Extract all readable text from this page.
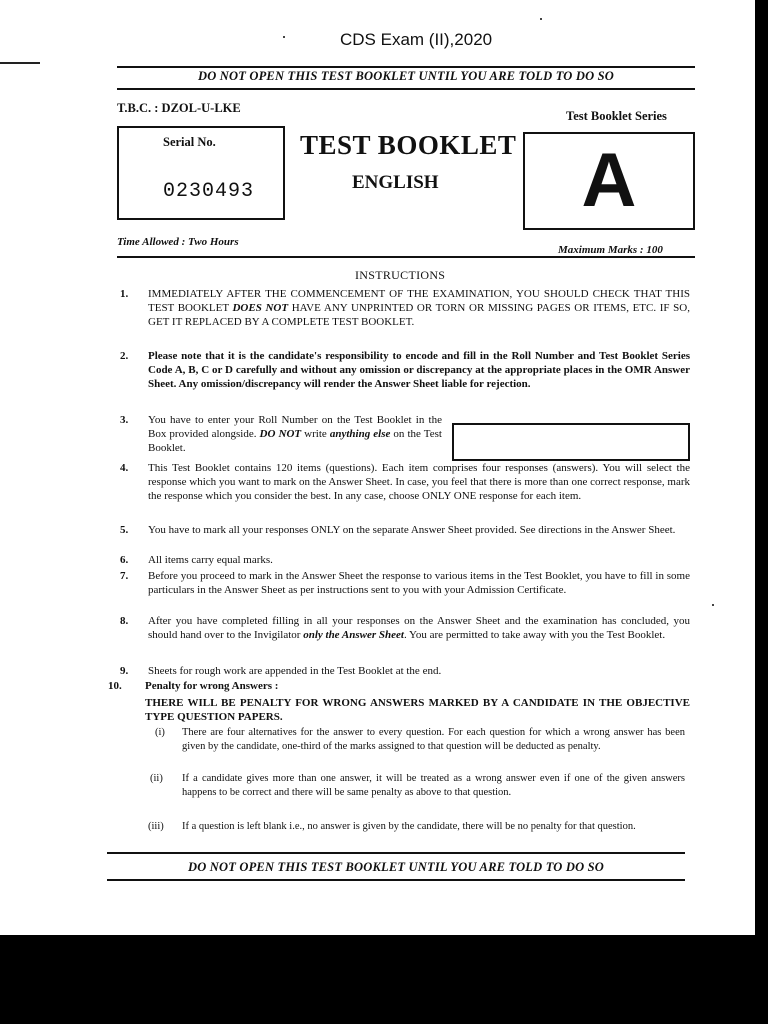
CDS Exam (II),2020
DO NOT OPEN THIS TEST BOOKLET UNTIL YOU ARE TOLD TO DO SO
T.B.C. : DZOL-U-LKE
Test Booklet Series
Serial No.
0230493
TEST BOOKLET
ENGLISH A
Time Allowed : Two Hours
Maximum Marks : 100
INSTRUCTIONS
1. IMMEDIATELY AFTER THE COMMENCEMENT OF THE EXAMINATION, YOU SHOULD CHECK THAT THIS TEST BOOKLET DOES NOT HAVE ANY UNPRINTED OR TORN OR MISSING PAGES OR ITEMS, ETC. IF SO, GET IT REPLACED BY A COMPLETE TEST BOOKLET.
2. Please note that it is the candidate's responsibility to encode and fill in the Roll Number and Test Booklet Series Code A, B, C or D carefully and without any omission or discrepancy at the appropriate places in the OMR Answer Sheet. Any omission/discrepancy will render the Answer Sheet liable for rejection.
3. You have to enter your Roll Number on the Test Booklet in the Box provided alongside. DO NOT write anything else on the Test Booklet.
4. This Test Booklet contains 120 items (questions). Each item comprises four responses (answers). You will select the response which you want to mark on the Answer Sheet. In case, you feel that there is more than one correct response, mark the response which you consider the best. In any case, choose ONLY ONE response for each item.
5. You have to mark all your responses ONLY on the separate Answer Sheet provided. See directions in the Answer Sheet.
6. All items carry equal marks.
7. Before you proceed to mark in the Answer Sheet the response to various items in the Test Booklet, you have to fill in some particulars in the Answer Sheet as per instructions sent to you with your Admission Certificate.
8. After you have completed filling in all your responses on the Answer Sheet and the examination has concluded, you should hand over to the Invigilator only the Answer Sheet. You are permitted to take away with you the Test Booklet.
9. Sheets for rough work are appended in the Test Booklet at the end.
10. Penalty for wrong Answers :
THERE WILL BE PENALTY FOR WRONG ANSWERS MARKED BY A CANDIDATE IN THE OBJECTIVE TYPE QUESTION PAPERS.
(i) There are four alternatives for the answer to every question. For each question for which a wrong answer has been given by the candidate, one-third of the marks assigned to that question will be deducted as penalty.
(ii) If a candidate gives more than one answer, it will be treated as a wrong answer even if one of the given answers happens to be correct and there will be same penalty as above to that question.
(iii) If a question is left blank i.e., no answer is given by the candidate, there will be no penalty for that question.
DO NOT OPEN THIS TEST BOOKLET UNTIL YOU ARE TOLD TO DO SO
